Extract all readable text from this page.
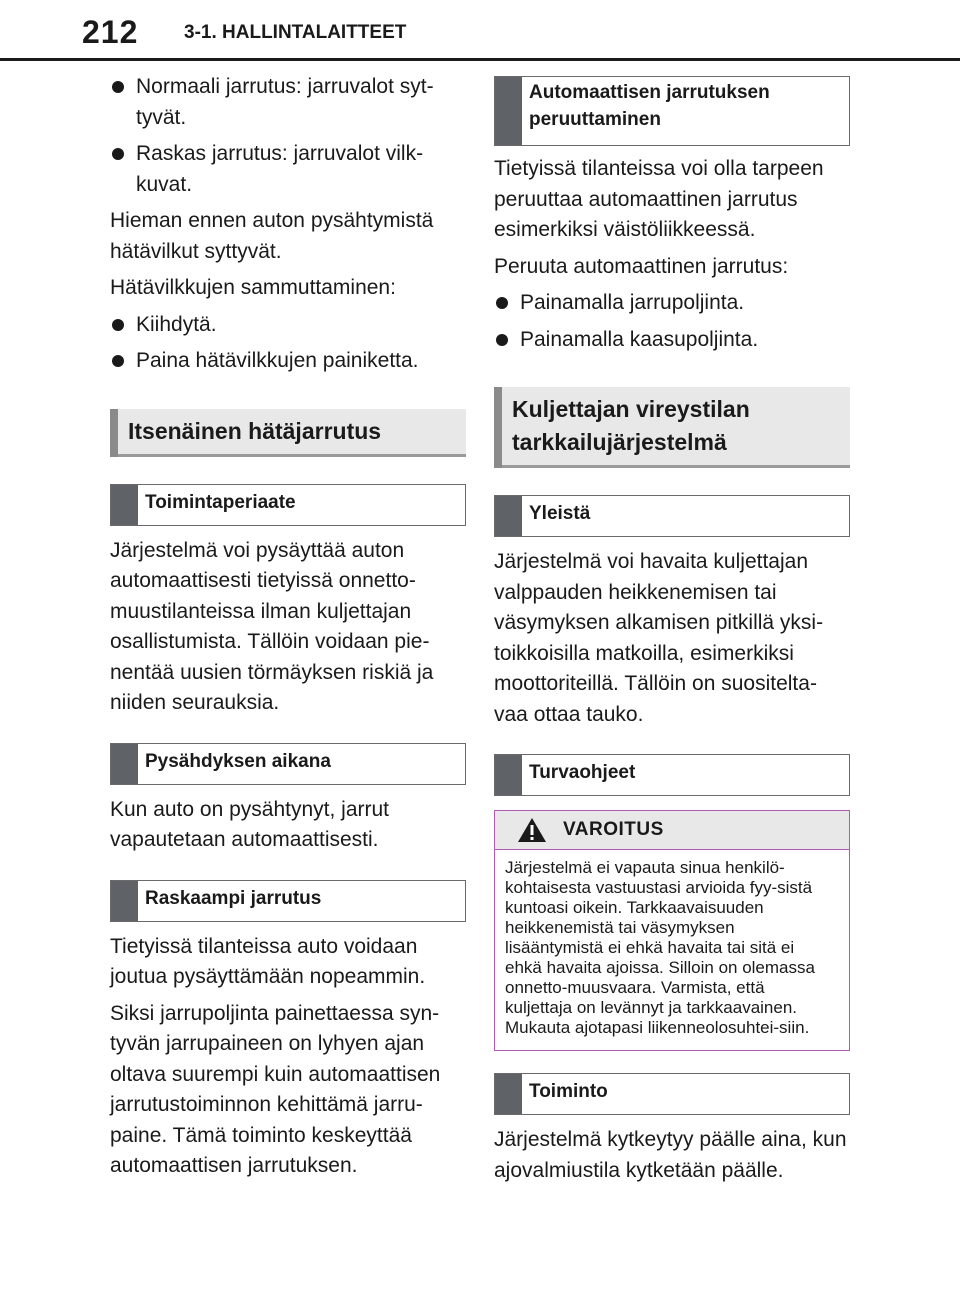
212 3-1. HALLINTALAITTEET

Normaali jarrutus: jarruvalot syt-tyvät.

Raskas jarrutus: jarruvalot vilk-kuvat.

Hieman ennen auton pysähtymistä hätävilkut syttyvät.

Hätävilkkujen sammuttaminen:

Kiihdytä.

Paina hätävilkkujen painiketta.

Itsenäinen hätäjarrutus
Toimintaperiaate

Järjestelmä voi pysäyttää auton automaattisesti tietyissä onnetto-muustilanteissa ilman kuljettajan osallistumista. Tällöin voidaan pie-nentää uusien törmäyksen riskiä ja niiden seurauksia.

Pysähdyksen aikana

Kun auto on pysähtynyt, jarrut vapautetaan automaattisesti.

Raskaampi jarrutus

Tietyissä tilanteissa auto voidaan joutua pysäyttämään nopeammin.

Siksi jarrupoljinta painettaessa syn-tyvän jarrupaineen on lyhyen ajan oltava suurempi kuin automaattisen jarrutustoiminnon kehittämä jarru-paine. Tämä toiminto keskeyttää automaattisen jarrutuksen.

Automaattisen jarrutuksen peruuttaminen

Tietyissä tilanteissa voi olla tarpeen peruuttaa automaattinen jarrutus esimerkiksi väistöliikkeessä.

Peruuta automaattinen jarrutus:

Painamalla jarrupoljinta.

Painamalla kaasupoljinta.

Kuljettajan vireystilan tarkkailujärjestelmä
Yleistä

Järjestelmä voi havaita kuljettajan valppauden heikkenemisen tai väsymyksen alkamisen pitkillä yksi-toikkoisilla matkoilla, esimerkiksi moottoriteillä. Tällöin on suositelta-vaa ottaa tauko.

Turvaohjeet
VAROITUS
Järjestelmä ei vapauta sinua henkilö-kohtaisesta vastuustasi arvioida fyy-sistä kuntoasi oikein. Tarkkaavaisuuden heikkenemistä tai väsymyksen lisääntymistä ei ehkä havaita tai sitä ei ehkä havaita ajoissa. Silloin on olemassa onnetto-muusvaara. Varmista, että kuljettaja on levännyt ja tarkkaavainen. Mukauta ajotapasi liikenneolosuhtei-siin.
Toiminto

Järjestelmä kytkeytyy päälle aina, kun ajovalmiustila kytketään päälle.
